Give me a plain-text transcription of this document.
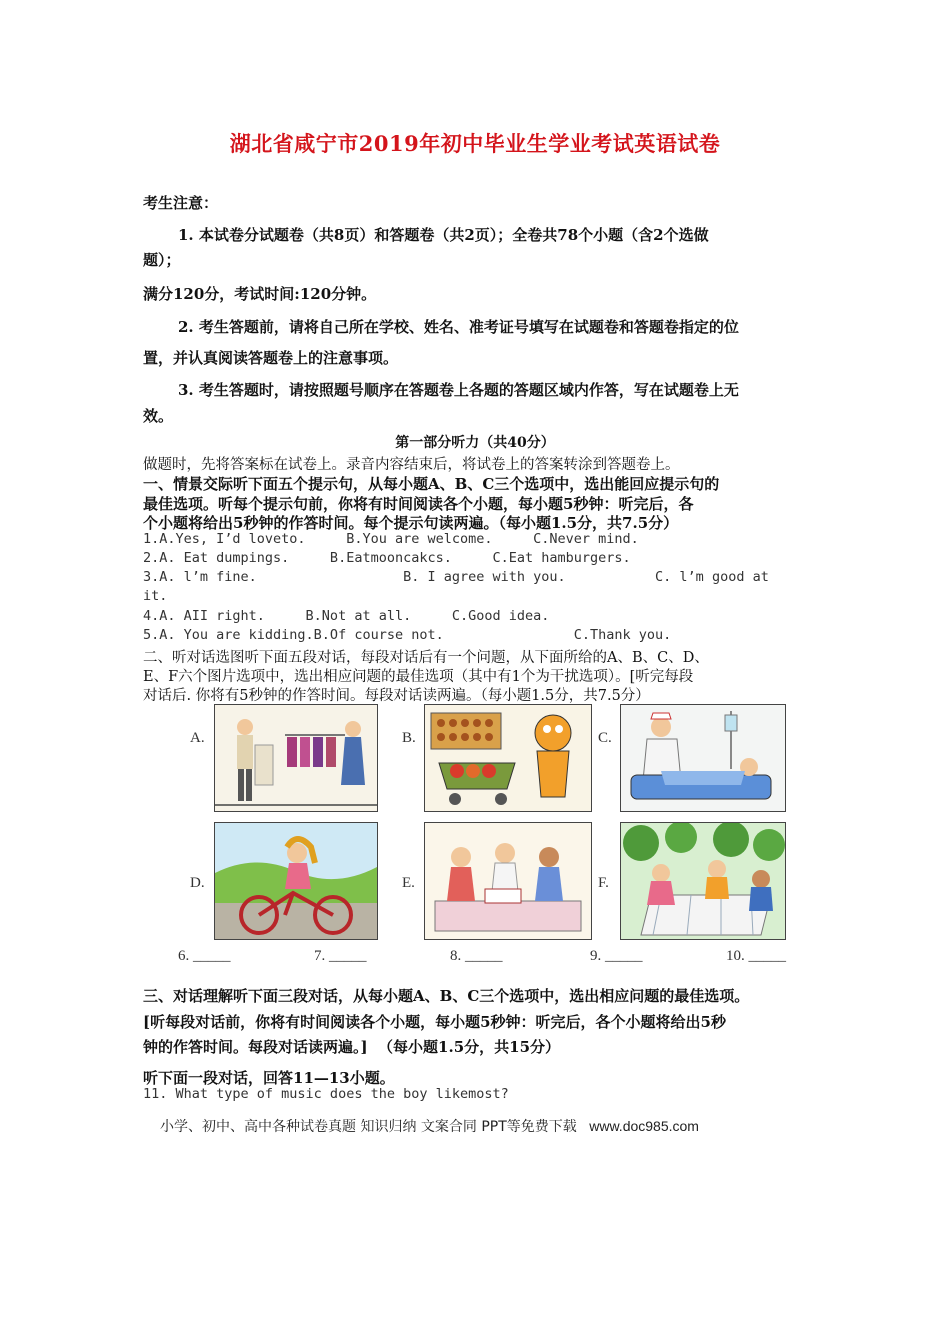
湖北省咸宁市2019年初中毕业生学业考试英语试卷
考生注意：
1. 本试卷分试题卷（共8页）和答题卷（共2页）；全卷共78个小题（含2个选做
题）；
满分120分，考试时间:120分钟。
2. 考生答题前，请将自己所在学校、姓名、准考证号填写在试题卷和答题卷指定的位
置，并认真阅读答题卷上的注意事项。
3. 考生答题时，请按照题号顺序在答题卷上各题的答题区域内作答，写在试题卷上无
效。
第一部分听力（共40分）
做题时，先将答案标在试卷上。录音内容结束后，将试卷上的答案转涂到答题卷上。
一、情景交际听下面五个提示句，从每小题A、B、C三个选项中，选出能回应提示句的
最佳选项。听每个提示句前，你将有时间阅读各个小题，每小题5秒钟：听完后，各
个小题将给出5秒钟的作答时间。每个提示句读两遍。（每小题1.5分，共7.5分）
1.A.Yes, I’d loveto.     B.You are welcome.     C.Never mind.
2.A. Eat dumpings.     B.Eatmooncakcs.     C.Eat hamburgers.
3.A. l’m fine.                  B. I agree with you.           C. l’m good at
it.
4.A. AII right.     B.Not at all.     C.Good idea.
5.A. You are kidding.B.Of course not.                C.Thank you.
二、听对话选图听下面五段对话，每段对话后有一个问题，从下面所给的A、B、C、D、
E、F六个图片选项中，选出相应问题的最佳选项（其中有1个为干扰选项）。[听完每段
对话后. 你将有5秒钟的作答时间。每段对话读两遍。（每小题1.5分，共7.5分）
A.	B.	C.
D.	E.	F.
6. _____	7. _____	8. _____	9. _____	10. _____
三、对话理解听下面三段对话，从每小题A、B、C三个选项中，选出相应问题的最佳选项。
[听每段对话前，你将有时间阅读各个小题，每小题5秒钟：听完后，各个小题将给出5秒
钟的作答时间。每段对话读两遍。]  （每小题1.5分，共15分）
听下面一段对话，回答11—13小题。
11. What type of music does the boy likemost?
小学、初中、高中各种试卷真题 知识归纳 文案合同 PPT等免费下载 www.doc985.com
